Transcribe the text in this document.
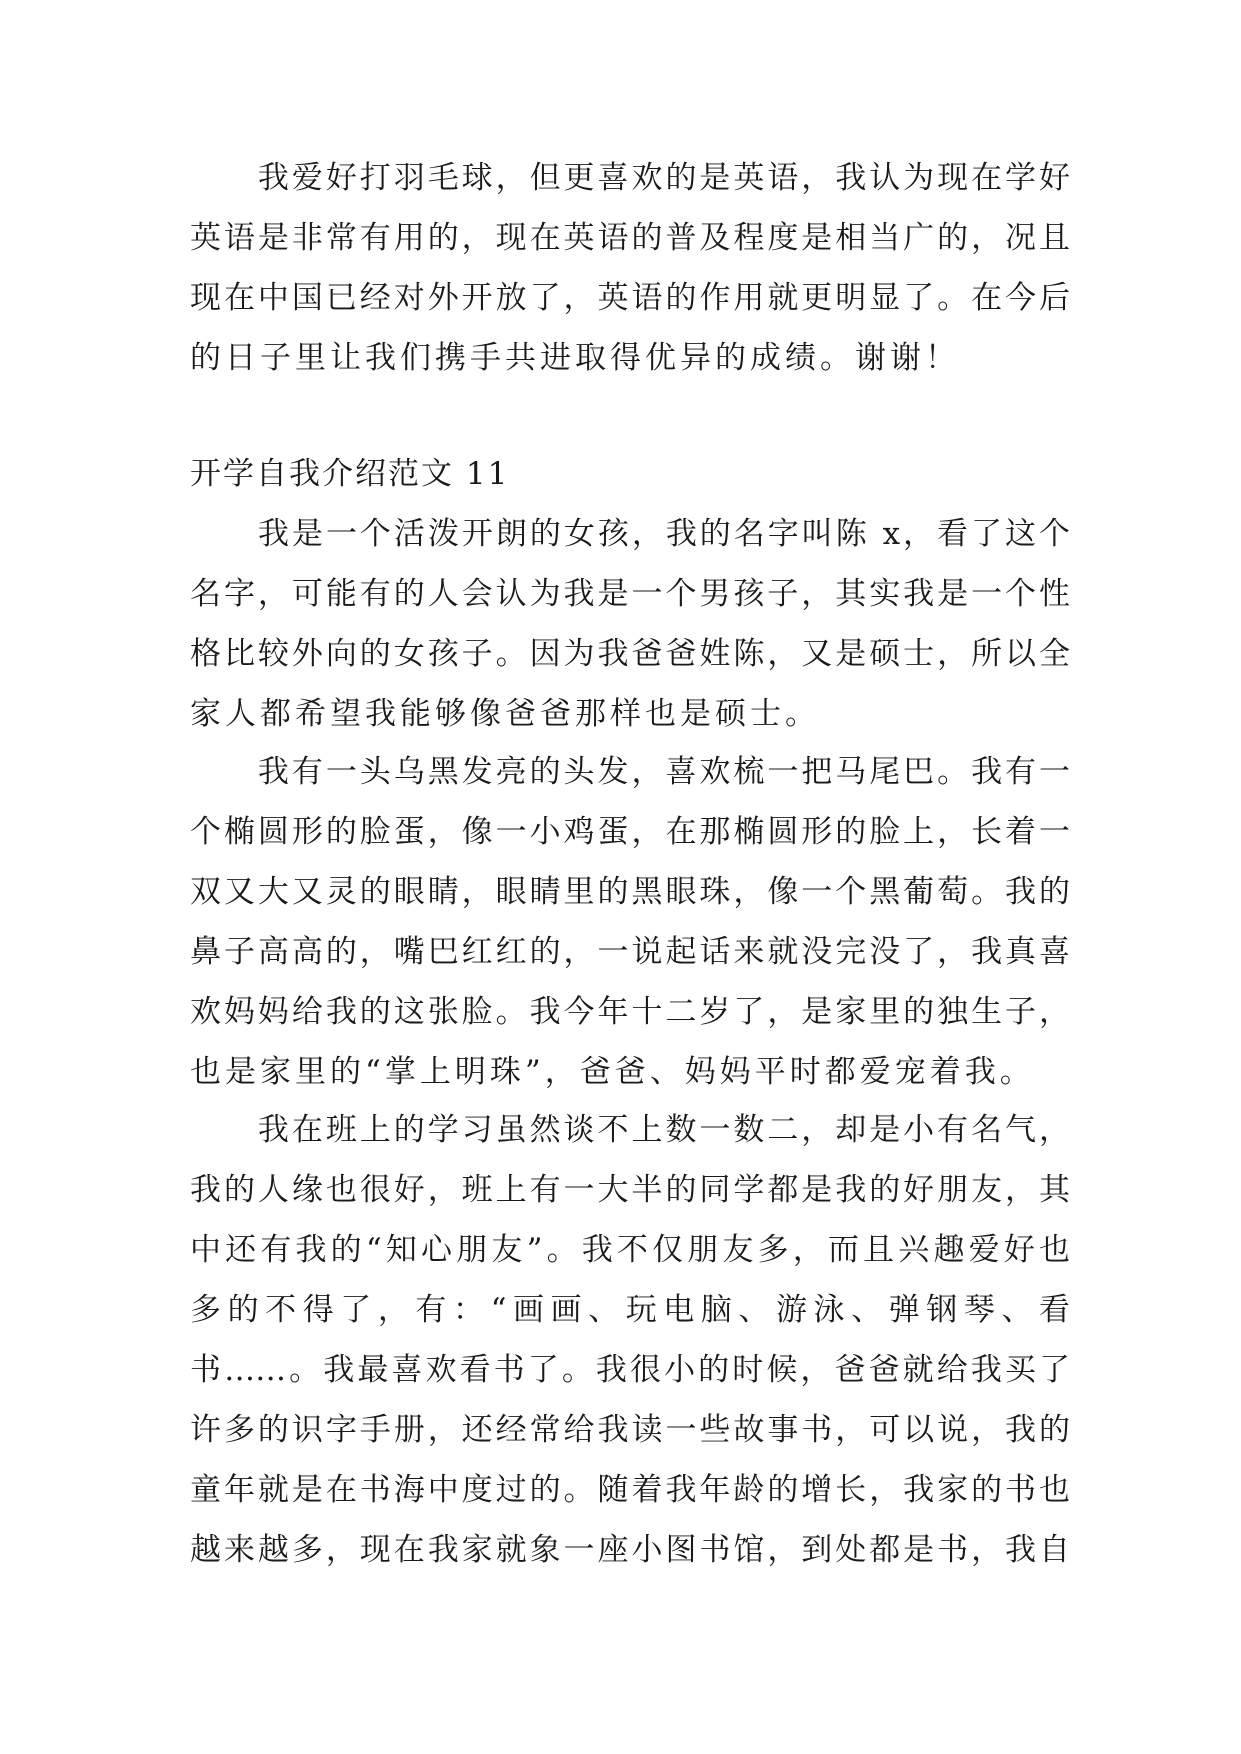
　　我爱好打羽毛球，但更喜欢的是英语，我认为现在学好
英语是非常有用的，现在英语的普及程度是相当广的，况且
现在中国已经对外开放了，英语的作用就更明显了。在今后
的日子里让我们携手共进取得优异的成绩。谢谢！
开学自我介绍范文 11
　　我是一个活泼开朗的女孩，我的名字叫陈 x，看了这个
名字，可能有的人会认为我是一个男孩子，其实我是一个性
格比较外向的女孩子。因为我爸爸姓陈，又是硕士，所以全
家人都希望我能够像爸爸那样也是硕士。
　　我有一头乌黑发亮的头发，喜欢梳一把马尾巴。我有一
个椭圆形的脸蛋，像一小鸡蛋，在那椭圆形的脸上，长着一
双又大又灵的眼睛，眼睛里的黑眼珠，像一个黑葡萄。我的
鼻子高高的，嘴巴红红的，一说起话来就没完没了，我真喜
欢妈妈给我的这张脸。我今年十二岁了，是家里的独生子，
也是家里的“掌上明珠”，爸爸、妈妈平时都爱宠着我。
　　我在班上的学习虽然谈不上数一数二，却是小有名气，
我的人缘也很好，班上有一大半的同学都是我的好朋友，其
中还有我的“知心朋友”。我不仅朋友多，而且兴趣爱好也
多的不得了，有：“画画、玩电脑、游泳、弹钢琴、看
书……。我最喜欢看书了。我很小的时候，爸爸就给我买了
许多的识字手册，还经常给我读一些故事书，可以说，我的
童年就是在书海中度过的。随着我年龄的增长，我家的书也
越来越多，现在我家就象一座小图书馆，到处都是书，我自
